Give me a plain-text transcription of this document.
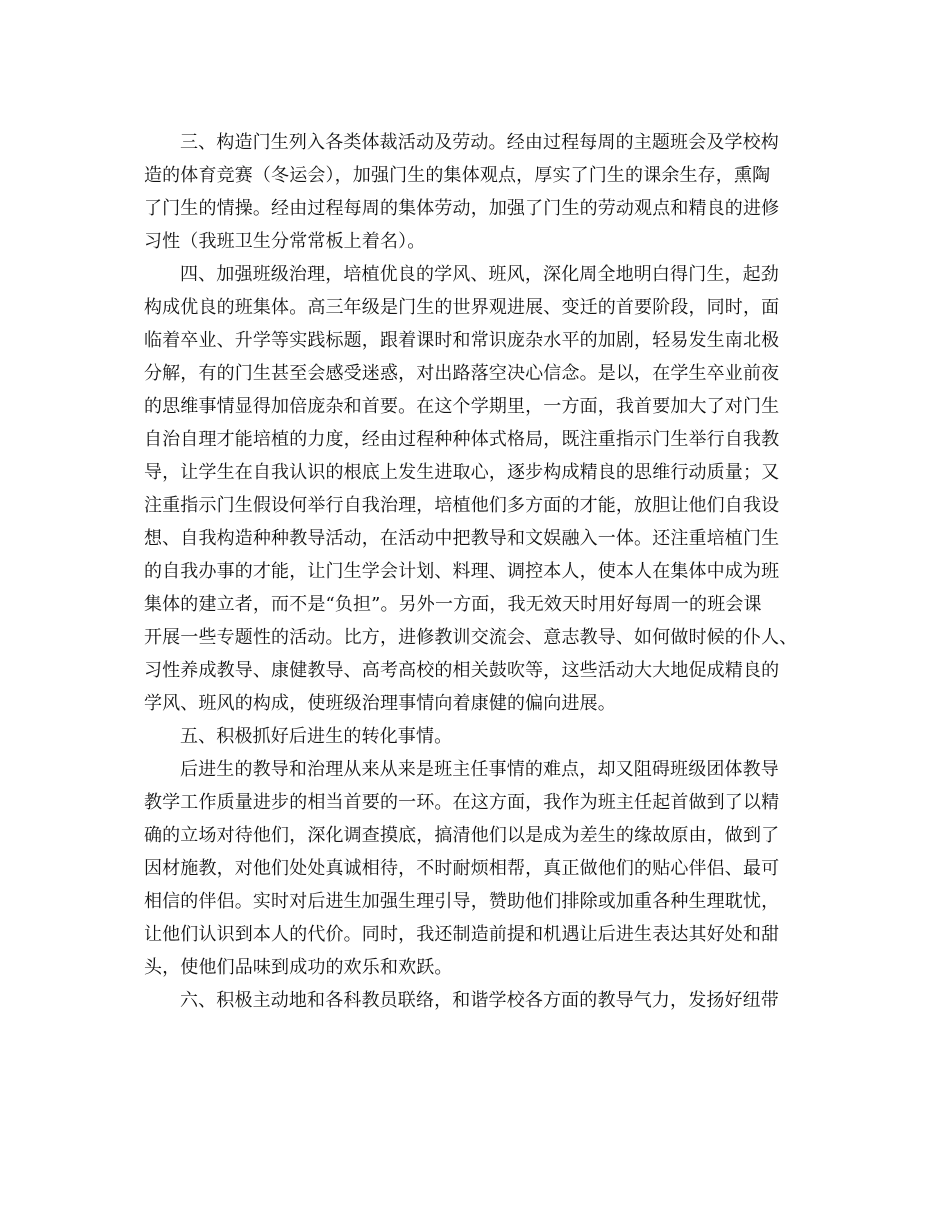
三、构造门生列入各类体裁活动及劳动。经由过程每周的主题班会及学校构
造的体育竞赛（冬运会），加强门生的集体观点，厚实了门生的课余生存，熏陶
了门生的情操。经由过程每周的集体劳动，加强了门生的劳动观点和精良的进修
习性（我班卫生分常常板上着名）。

四、加强班级治理，培植优良的学风、班风，深化周全地明白得门生，起劲
构成优良的班集体。高三年级是门生的世界观进展、变迁的首要阶段，同时，面
临着卒业、升学等实践标题，跟着课时和常识庞杂水平的加剧，轻易发生南北极
分解，有的门生甚至会感受迷惑，对出路落空决心信念。是以，在学生卒业前夜
的思维事情显得加倍庞杂和首要。在这个学期里，一方面，我首要加大了对门生
自治自理才能培植的力度，经由过程种种体式格局，既注重指示门生举行自我教
导，让学生在自我认识的根底上发生进取心，逐步构成精良的思维行动质量；又
注重指示门生假设何举行自我治理，培植他们多方面的才能，放胆让他们自我设
想、自我构造种种教导活动，在活动中把教导和文娱融入一体。还注重培植门生
的自我办事的才能，让门生学会计划、料理、调控本人，使本人在集体中成为班
集体的建立者，而不是“负担”。另外一方面，我无效天时用好每周一的班会课
开展一些专题性的活动。比方，进修教训交流会、意志教导、如何做时候的仆人、
习性养成教导、康健教导、高考高校的相关鼓吹等，这些活动大大地促成精良的
学风、班风的构成，使班级治理事情向着康健的偏向进展。

五、积极抓好后进生的转化事情。

后进生的教导和治理从来从来是班主任事情的难点，却又阻碍班级团体教导
教学工作质量进步的相当首要的一环。在这方面，我作为班主任起首做到了以精
确的立场对待他们，深化调查摸底，搞清他们以是成为差生的缘故原由，做到了
因材施教，对他们处处真诚相待，不时耐烦相帮，真正做他们的贴心伴侣、最可
相信的伴侣。实时对后进生加强生理引导，赞助他们排除或加重各种生理耽忧，
让他们认识到本人的代价。同时，我还制造前提和机遇让后进生表达其好处和甜
头，使他们品味到成功的欢乐和欢跃。

六、积极主动地和各科教员联络，和谐学校各方面的教导气力，发扬好纽带
